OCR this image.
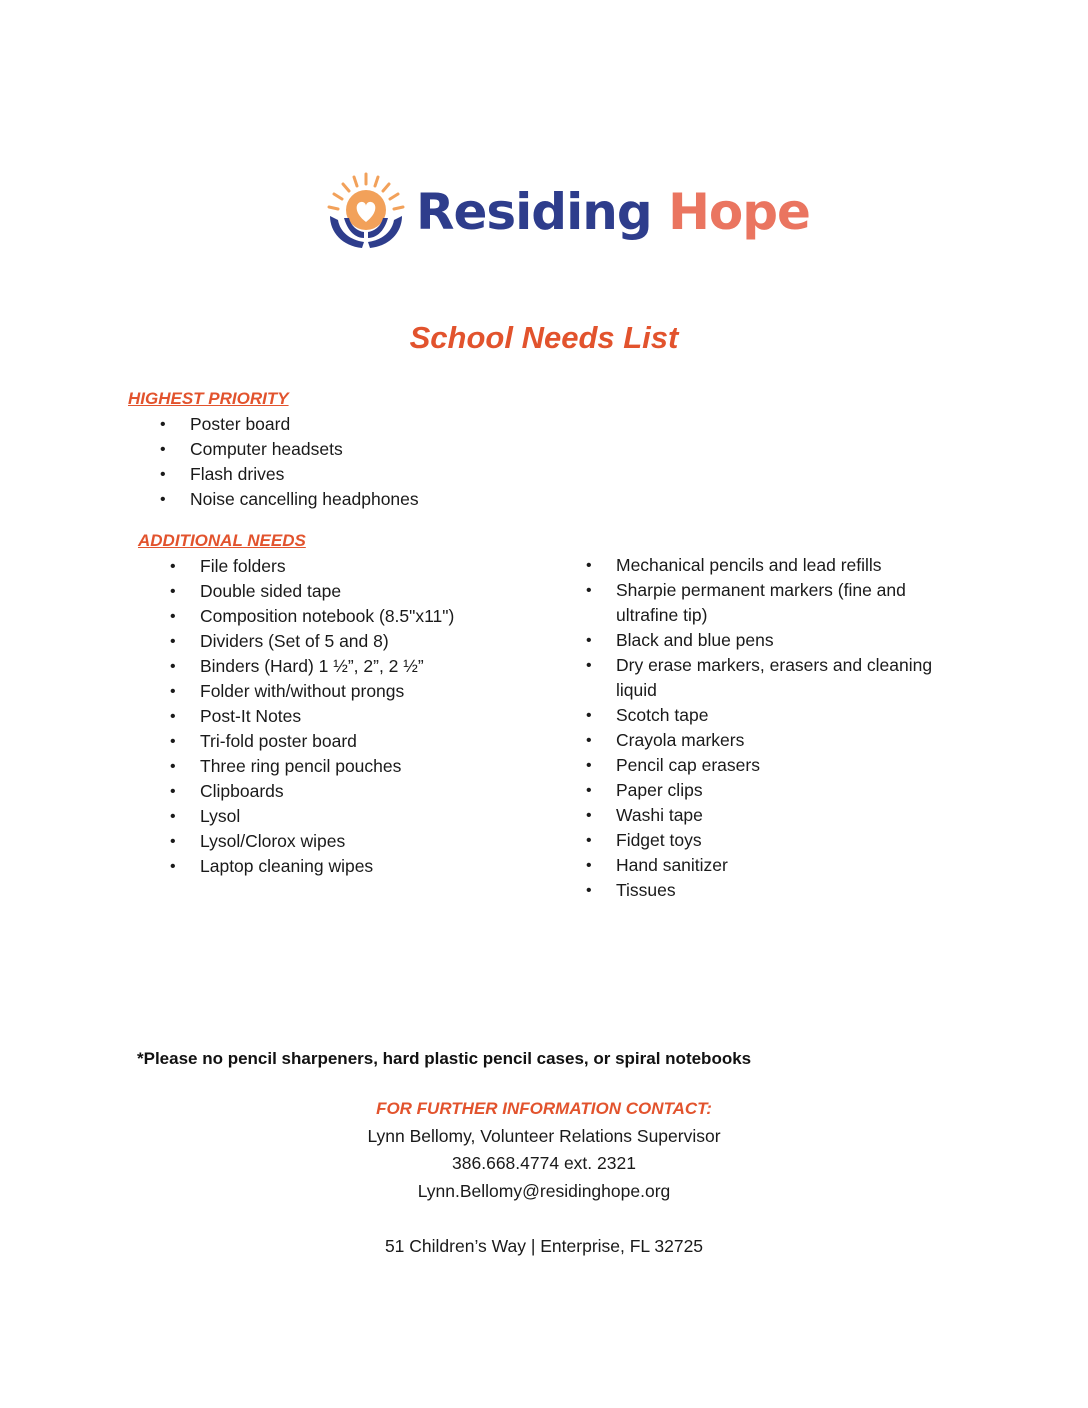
Residing Hope
School Needs List
HIGHEST PRIORITY
• Poster board
• Computer headsets
• Flash drives
• Noise cancelling headphones
ADDITIONAL NEEDS
• File folders
• Double sided tape
• Composition notebook (8.5"x11")
• Dividers (Set of 5 and 8)
• Binders (Hard) 1 ½”, 2”, 2 ½”
• Folder with/without prongs
• Post-It Notes
• Tri-fold poster board
• Three ring pencil pouches
• Clipboards
• Lysol
• Lysol/Clorox wipes
• Laptop cleaning wipes
• Mechanical pencils and lead refills
• Sharpie permanent markers (fine and ultrafine tip)
• Black and blue pens
• Dry erase markers, erasers and cleaning liquid
• Scotch tape
• Crayola markers
• Pencil cap erasers
• Paper clips
• Washi tape
• Fidget toys
• Hand sanitizer
• Tissues
*Please no pencil sharpeners, hard plastic pencil cases, or spiral notebooks
FOR FURTHER INFORMATION CONTACT:
Lynn Bellomy, Volunteer Relations Supervisor
386.668.4774 ext. 2321
Lynn.Bellomy@residinghope.org
51 Children’s Way | Enterprise, FL 32725
